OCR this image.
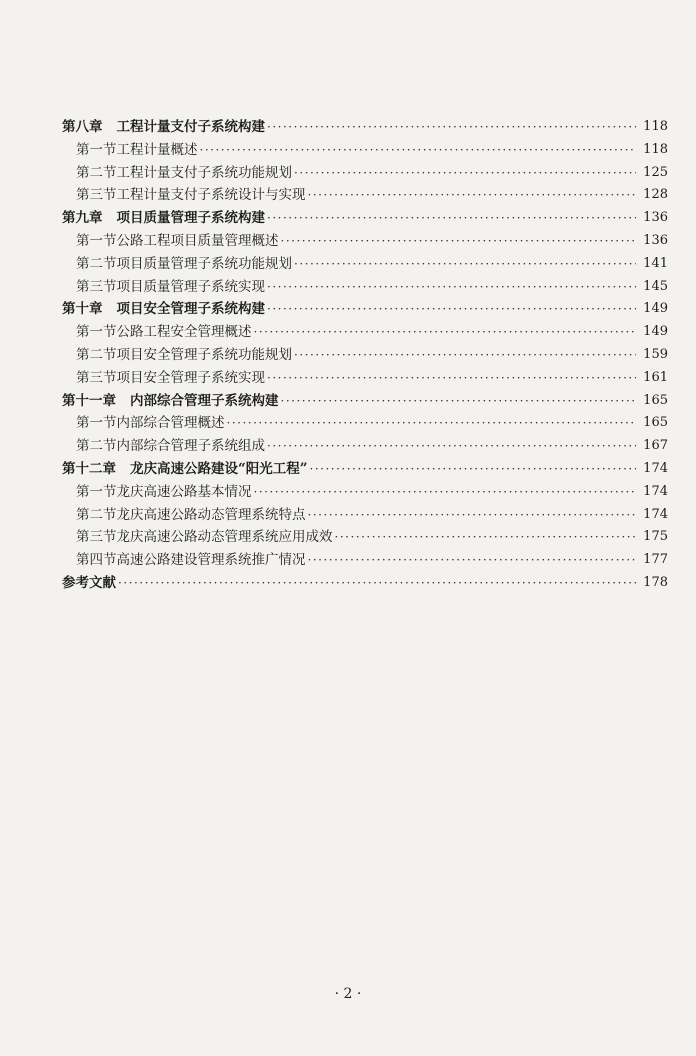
第八章 工程计量支付子系统构建 ·····	118
第一节 工程计量概述 ·····	118
第二节 工程计量支付子系统功能规划 ·····	125
第三节 工程计量支付子系统设计与实现 ·····	128
第九章 项目质量管理子系统构建 ·····	136
第一节 公路工程项目质量管理概述 ·····	136
第二节 项目质量管理子系统功能规划 ·····	141
第三节 项目质量管理子系统实现 ·····	145
第十章 项目安全管理子系统构建 ·····	149
第一节 公路工程安全管理概述 ·····	149
第二节 项目安全管理子系统功能规划 ·····	159
第三节 项目安全管理子系统实现 ·····	161
第十一章 内部综合管理子系统构建 ·····	165
第一节 内部综合管理概述 ·····	165
第二节 内部综合管理子系统组成 ·····	167
第十二章 龙庆高速公路建设“阳光工程” ·····	174
第一节 龙庆高速公路基本情况 ·····	174
第二节 龙庆高速公路动态管理系统特点 ·····	174
第三节 龙庆高速公路动态管理系统应用成效 ·····	175
第四节 高速公路建设管理系统推广情况 ·····	177
参考文献 ·····	178
· 2 ·
